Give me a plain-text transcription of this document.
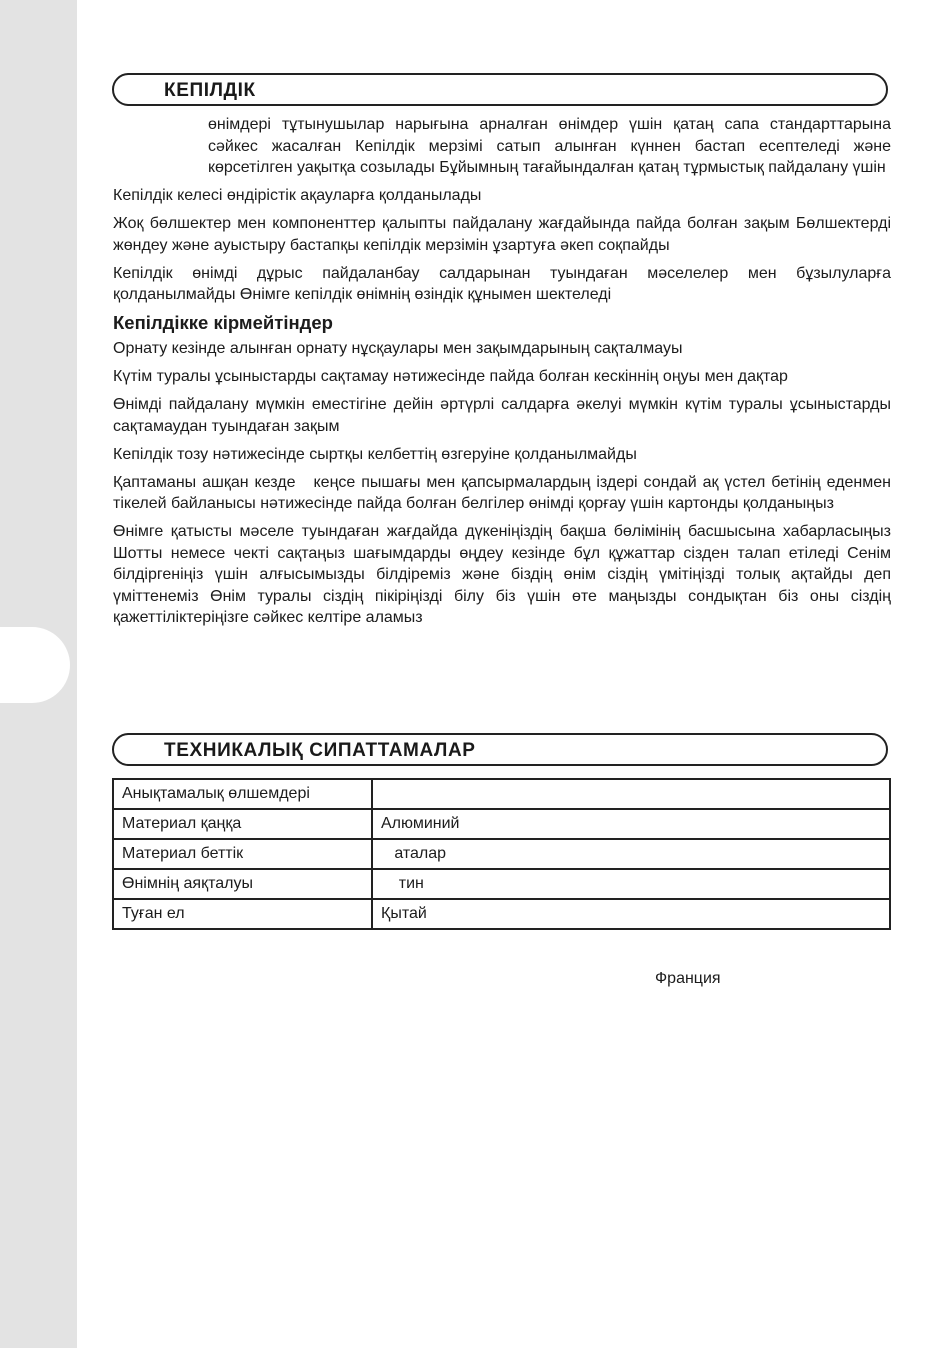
КЕПІЛДІК

өнімдері тұтынушылар нарығына арналған өнімдер үшін қатаң сапа стандарттарына сәйкес жасалған Кепілдік мерзімі сатып алынған күннен бастап есептеледі және көрсетілген уақытқа созылады Бұйымның тағайындалған қатаң тұрмыстық пайдалану үшін

Кепілдік келесі өндірістік ақауларға қолданылады

Жоқ бөлшектер мен компоненттер қалыпты пайдалану жағдайында пайда болған зақым Бөлшектерді жөндеу және ауыстыру бастапқы кепілдік мерзімін ұзартуға әкеп соқпайды

Кепілдік өнімді дұрыс пайдаланбау салдарынан туындаған мәселелер мен бұзылуларға қолданылмайды Өнімге кепілдік өнімнің өзіндік құнымен шектеледі

Кепілдікке кірмейтіндер

Орнату кезінде алынған орнату нұсқаулары мен зақымдарының сақталмауы

Күтім туралы ұсыныстарды сақтамау нәтижесінде пайда болған кескіннің оңуы мен дақтар

Өнімді пайдалану мүмкін еместігіне дейін әртүрлі салдарға әкелуі мүмкін күтім туралы ұсыныстарды сақтамаудан туындаған зақым

Кепілдік тозу нәтижесінде сыртқы келбеттің өзгеруіне қолданылмайды

Қаптаманы ашқан кезде кеңсе пышағы мен қапсырмалардың іздері сондай ақ үстел бетінің еденмен тікелей байланысы нәтижесінде пайда болған белгілер өнімді қорғау үшін картонды қолданыңыз

Өнімге қатысты мәселе туындаған жағдайда дүкеніңіздің бақша бөлімінің басшысына хабарласыңыз Шотты немесе чекті сақтаңыз шағымдарды өңдеу кезінде бұл құжаттар сізден талап етіледі Сенім білдіргеніңіз үшін алғысымызды білдіреміз және біздің өнім сіздің үмітіңізді толық ақтайды деп үміттенеміз Өнім туралы сіздің пікіріңізді білу біз үшін өте маңызды сондықтан біз оны сіздің қажеттіліктеріңізге сәйкес келтіре аламыз

ТЕХНИКАЛЫҚ СИПАТТАМАЛАР
Анықтамалық өлшемдері	
Материал қаңқа	Алюминий
Материал беттік	аталар
Өнімнің аяқталуы	тин
Туған ел	Қытай
Франция
